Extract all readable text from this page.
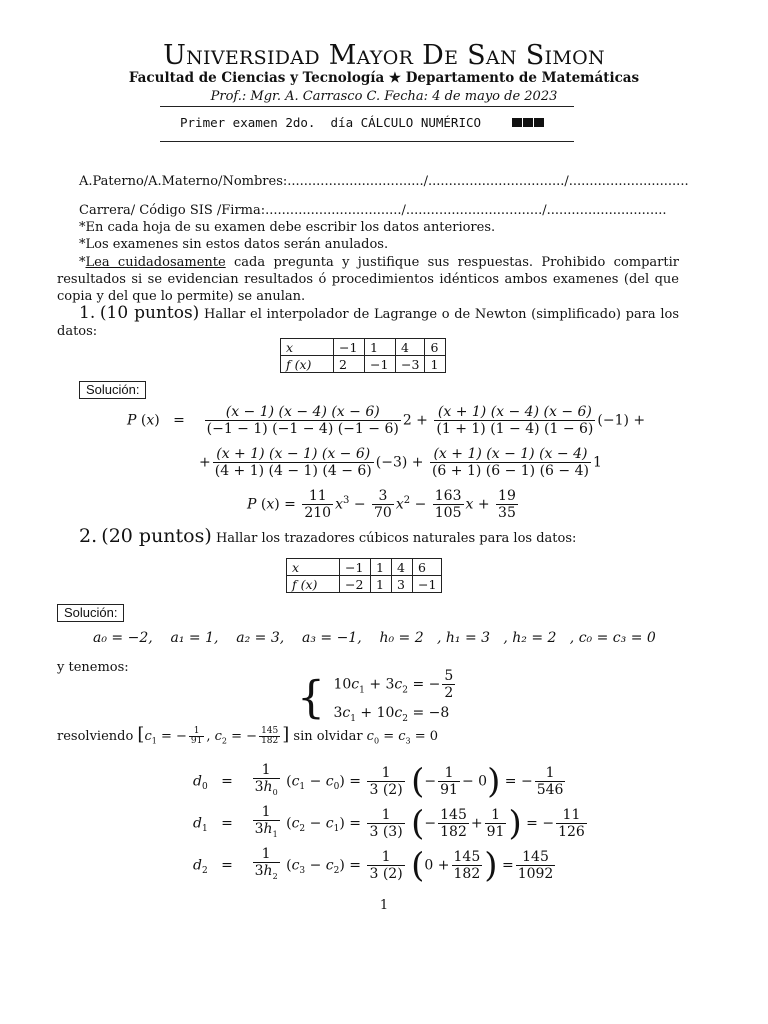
Universidad Mayor De San Simon
Facultad de Ciencias y Tecnología ★ Departamento de Matemáticas
Prof.: Mgr. A. Carrasco C. Fecha: 4 de mayo de 2023
Primer examen 2do.  día CÁLCULO NUMÉRICO
A.Paterno/A.Materno/Nombres:................................./................................./.............................
Carrera/ Código SIS /Firma:................................./................................./.............................
*En cada hoja de su examen debe escribir los datos anteriores.
*Los examenes sin estos datos serán anulados.
*Lea cuidadosamente cada pregunta y justifique sus respuestas. Prohibido compartir resultados si se evidencian resultados ó procedimientos idénticos ambos examenes (del que copia y del que lo permite) se anulan.
1. (10 puntos) Hallar el interpolador de Lagrange o de Newton (simplificado) para los datos:
x	−1	1	4	6
f (x)	2	−1	−3	1
Solución:
P $(x) = \frac{(x - 1) (x - 4) (x - 6)}{(-1 - 1) (-1 - 4) (-1 - 6)} 2 + \frac{(x + 1) (x - 4) (x - 6)}{(1 + 1) (1 - 4) (1 - 6)} (-1)$ +
+ $\frac{(x + 1) (x - 1) (x - 6)}{(4 + 1) (4 - 1) (4 - 6)} (-3) + \frac{(x + 1) (x - 1) (x - 4)}{(6 + 1) (6 - 1) (6 - 4)} 1$
P $(x) = \frac{11}{210} x^3 - \frac{3}{70} x^2 - \frac{163}{105}$ $x + \frac{19}{35}$
2. (20 puntos) Hallar los trazadores cúbicos naturales para los datos:
x	−1	1	4	6
f (x)	−2	1	3	−1
Solución:
a₀ = −2,    a₁ = 1,    a₂ = 3,    a₃ = −1,    h₀ = 2   , h₁ = 3   , h₂ = 2   , c₀ = c₃ = 0
y tenemos:
{ $10c_1 + 3c_2$ = − $\frac{5}{2}$
$3c_1 + 10c_2 = -8$
resolviendo [$c_1$ = − $\frac{1}{91}$ , $c_2$ = − $\frac{145}{182}$ ] sin olvidar $c_0 = c_3 = 0$
$d_0 = \frac{1}{3h_0} (c_1 - c_0) = \frac{1}{3 (2)}$ (− $\frac{1}{91} - 0$) = − $\frac{1}{546}$
$d_1 = \frac{1}{3h_1} (c_2 - c_1) = \frac{1}{3 (3)}$ (− $\frac{145}{182} + \frac{1}{91}$ ) = − $\frac{11}{126}$
$d_2 = \frac{1}{3h_2} (c_3 - c_2) = \frac{1}{3 (2)} (0 + \frac{145}{182}$ ) = $\frac{145}{1092}$
1
